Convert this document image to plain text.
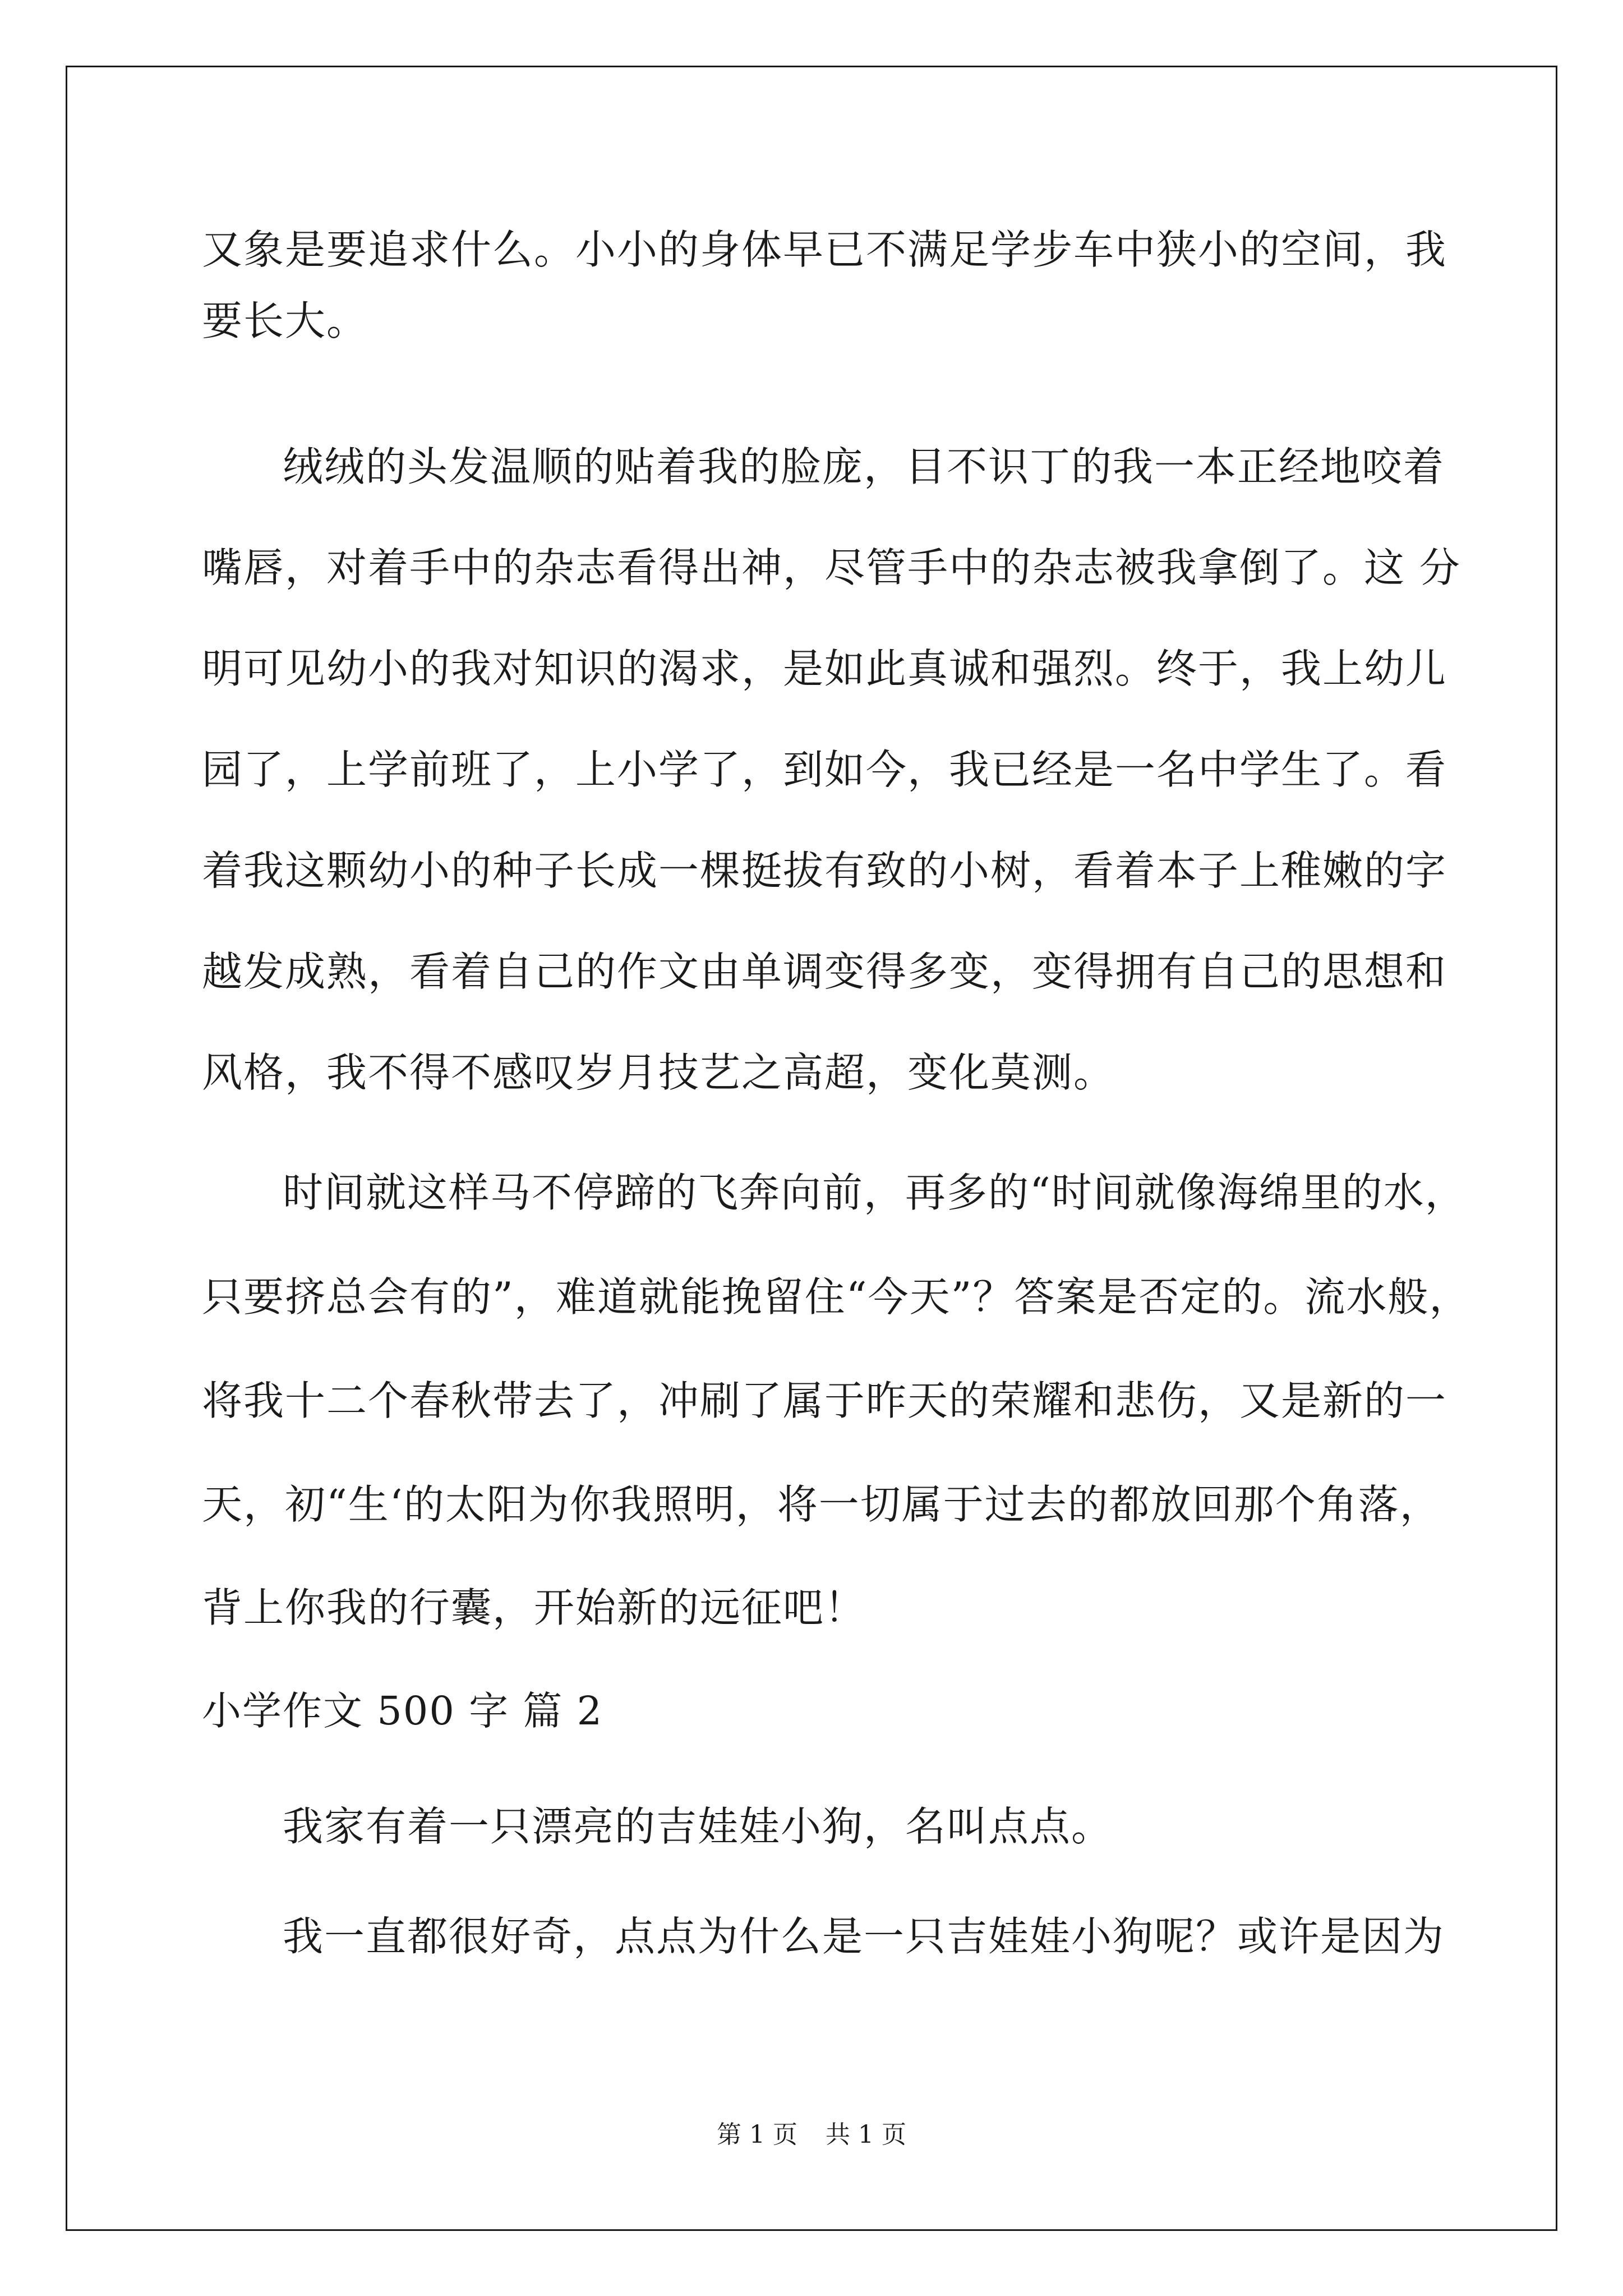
又象是要追求什么。小小的身体早已不满足学步车中狭小的空间，我
要长大。
绒绒的头发温顺的贴着我的脸庞，目不识丁的我一本正经地咬着
嘴唇，对着手中的杂志看得出神，尽管手中的杂志被我拿倒了。这 分
明可见幼小的我对知识的渴求，是如此真诚和强烈。终于，我上幼儿
园了，上学前班了，上小学了，到如今，我已经是一名中学生了。看
着我这颗幼小的种子长成一棵挺拔有致的小树，看着本子上稚嫩的字
越发成熟，看着自己的作文由单调变得多变，变得拥有自己的思想和
风格，我不得不感叹岁月技艺之高超，变化莫测。
时间就这样马不停蹄的飞奔向前，再多的“时间就像海绵里的水，
只要挤总会有的”，难道就能挽留住“今天”？答案是否定的。流水般，
将我十二个春秋带去了，冲刷了属于昨天的荣耀和悲伤，又是新的一
天，初“生‘的太阳为你我照明，将一切属于过去的都放回那个角落，
背上你我的行囊，开始新的远征吧！
小学作文 500 字 篇 2
我家有着一只漂亮的吉娃娃小狗，名叫点点。
我一直都很好奇，点点为什么是一只吉娃娃小狗呢？或许是因为
第 1 页 共 1 页
